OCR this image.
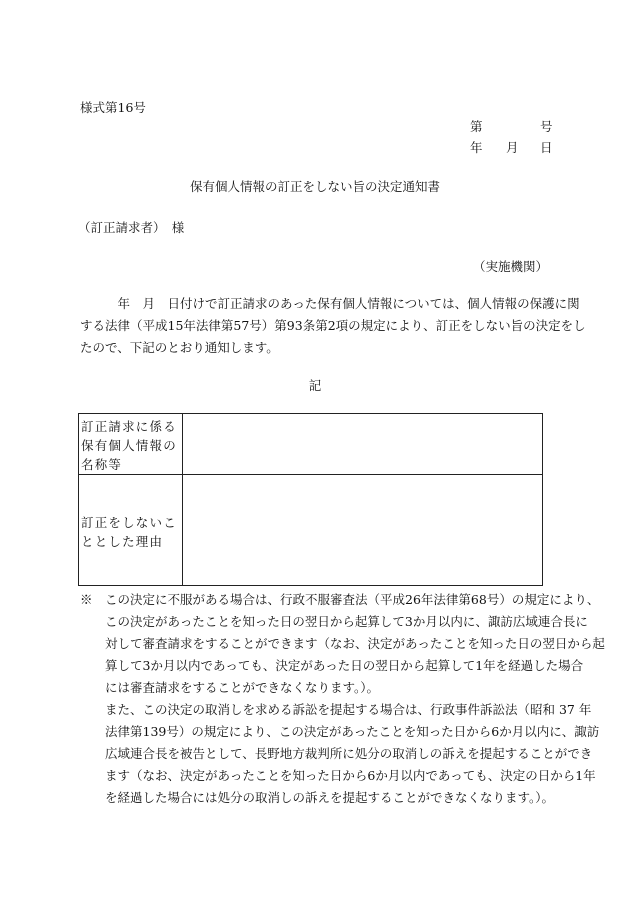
様式第16号
第	号
年 月 日
保有個人情報の訂正をしない旨の決定通知書
（訂正請求者）　様
（実施機関）
　　　年　月　日付けで訂正請求のあった保有個人情報については、個人情報の保護に関
する法律（平成15年法律第57号）第93条第2項の規定により、訂正をしない旨の決定をし
たので、下記のとおり通知します。
記
訂正請求に係る保有個人情報の名称等
訂正をしないこととした理由
※　この決定に不服がある場合は、行政不服審査法（平成26年法律第68号）の規定により、
　　この決定があったことを知った日の翌日から起算して3か月以内に、諏訪広域連合長に
　　対して審査請求をすることができます（なお、決定があったことを知った日の翌日から起
　　算して3か月以内であっても、決定があった日の翌日から起算して1年を経過した場合
　　には審査請求をすることができなくなります。）。
　　また、この決定の取消しを求める訴訟を提起する場合は、行政事件訴訟法（昭和 37 年
　　法律第139号）の規定により、この決定があったことを知った日から6か月以内に、諏訪
　　広域連合長を被告として、長野地方裁判所に処分の取消しの訴えを提起することができ
　　ます（なお、決定があったことを知った日から6か月以内であっても、決定の日から1年
　　を経過した場合には処分の取消しの訴えを提起することができなくなります。）。
